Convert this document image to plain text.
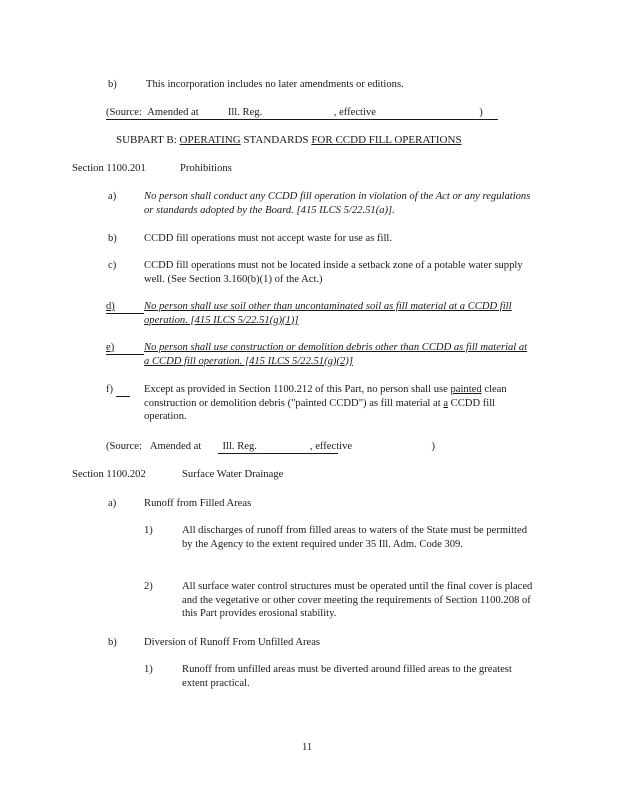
b)	This incorporation includes no later amendments or editions.
(Source: Amended at	Ill. Reg.	, effective	)
SUBPART B: OPERATING STANDARDS FOR CCDD FILL OPERATIONS
Section 1100.201	Prohibitions
a)	No person shall conduct any CCDD fill operation in violation of the Act or any regulations or standards adopted by the Board. [415 ILCS 5/22.51(a)].
b)	CCDD fill operations must not accept waste for use as fill.
c)	CCDD fill operations must not be located inside a setback zone of a potable water supply well. (See Section 3.160(b)(1) of the Act.)
d)	No person shall use soil other than uncontaminated soil as fill material at a CCDD fill operation. [415 ILCS 5/22.51(g)(1)]
e)	No person shall use construction or demolition debris other than CCDD as fill material at a CCDD fill operation. [415 ILCS 5/22.51(g)(2)]
f)	Except as provided in Section 1100.212 of this Part, no person shall use painted clean construction or demolition debris ("painted CCDD") as fill material at a CCDD fill operation.
(Source: Amended at Ill. Reg.	, effective	)
Section 1100.202	Surface Water Drainage
a)	Runoff from Filled Areas
1)	All discharges of runoff from filled areas to waters of the State must be permitted by the Agency to the extent required under 35 Ill. Adm. Code 309.
2)	All surface water control structures must be operated until the final cover is placed and the vegetative or other cover meeting the requirements of Section 1100.208 of this Part provides erosional stability.
b)	Diversion of Runoff From Unfilled Areas
1)	Runoff from unfilled areas must be diverted around filled areas to the greatest extent practical.
11
